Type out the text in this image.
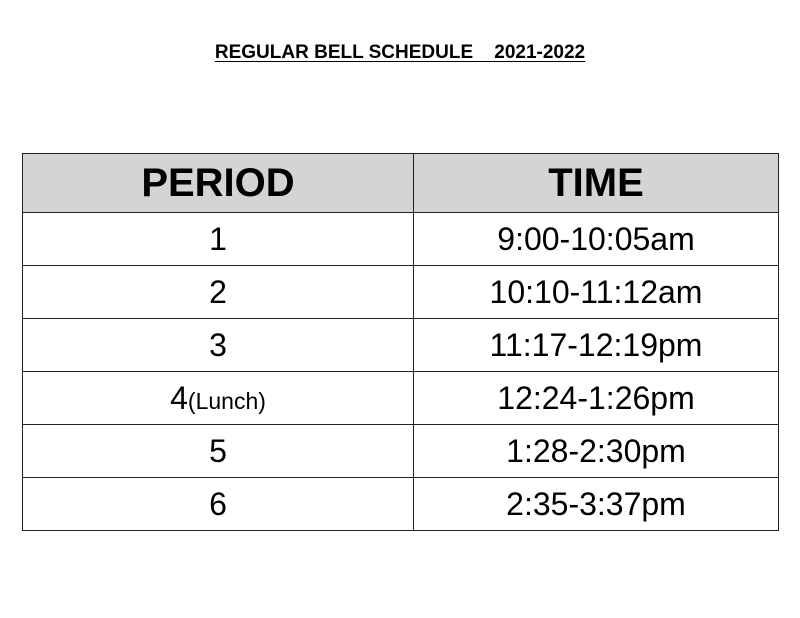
REGULAR BELL SCHEDULE    2021-2022
PERIOD	TIME
1	9:00-10:05am
2	10:10-11:12am
3	11:17-12:19pm
4(Lunch)	12:24-1:26pm
5	1:28-2:30pm
6	2:35-3:37pm
